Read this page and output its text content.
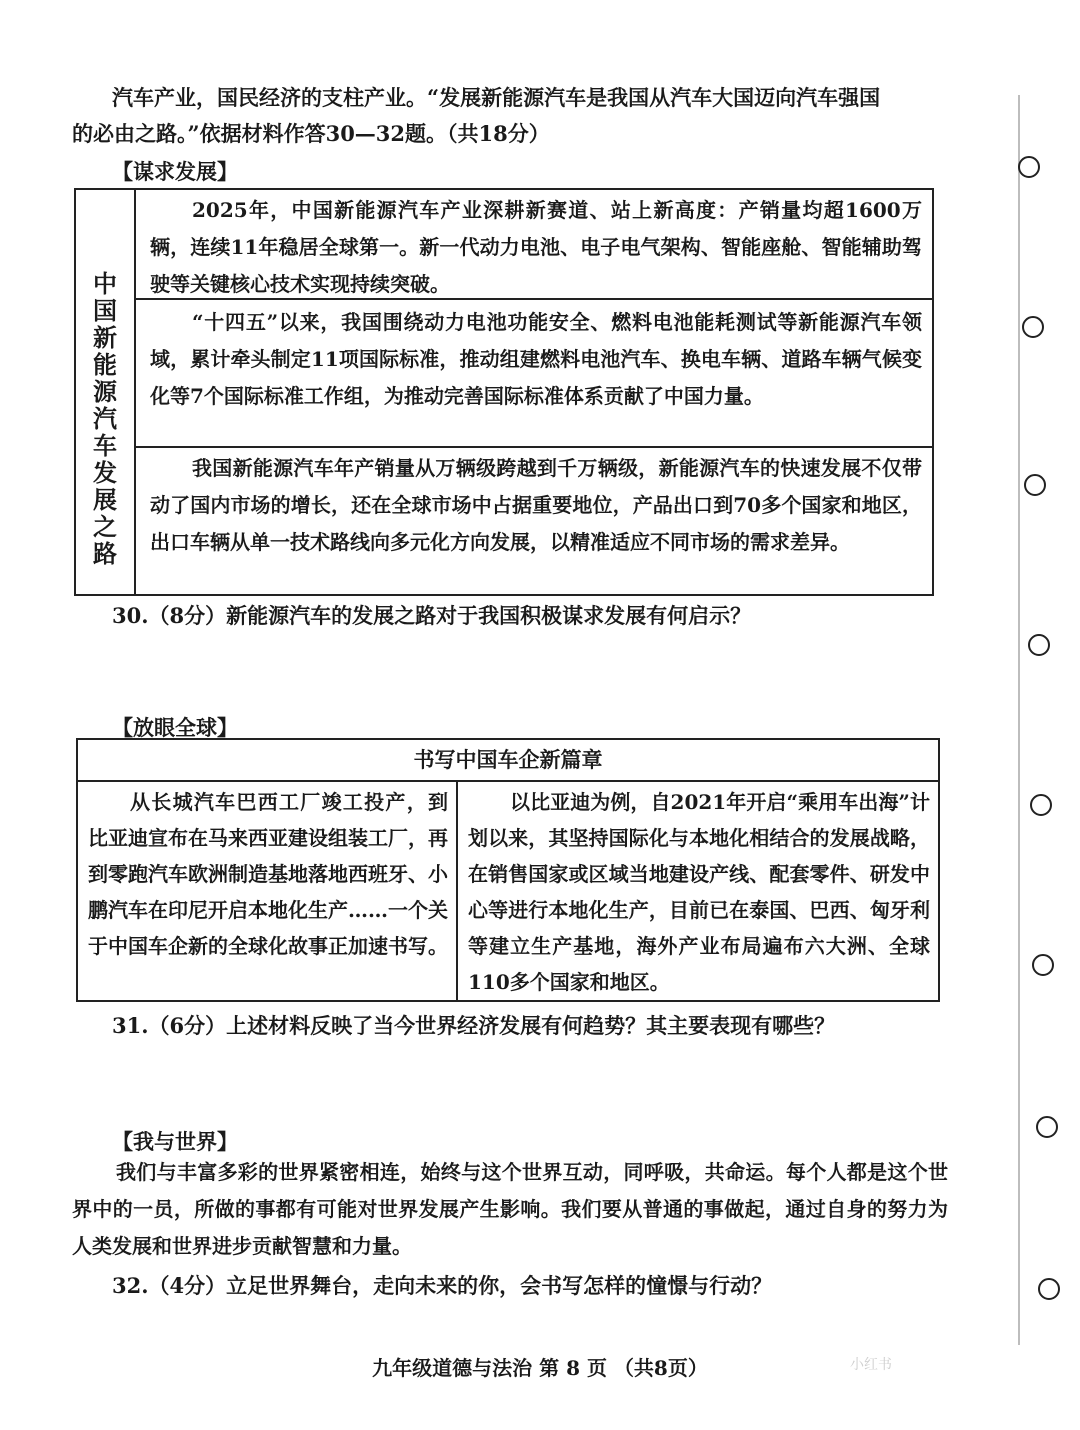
汽车产业，国民经济的支柱产业。“发展新能源汽车是我国从汽车大国迈向汽车强国
的必由之路。”依据材料作答30—32题。（共18分）
【谋求发展】
中国新能源汽车发展之路
2025年，中国新能源汽车产业深耕新赛道、站上新高度：产销量均超1600万辆，连续11年稳居全球第一。新一代动力电池、电子电气架构、智能座舱、智能辅助驾驶等关键核心技术实现持续突破。
“十四五”以来，我国围绕动力电池功能安全、燃料电池能耗测试等新能源汽车领域，累计牵头制定11项国际标准，推动组建燃料电池汽车、换电车辆、道路车辆气候变化等7个国际标准工作组，为推动完善国际标准体系贡献了中国力量。
我国新能源汽车年产销量从万辆级跨越到千万辆级，新能源汽车的快速发展不仅带动了国内市场的增长，还在全球市场中占据重要地位，产品出口到70多个国家和地区，出口车辆从单一技术路线向多元化方向发展，以精准适应不同市场的需求差异。
30.（8分）新能源汽车的发展之路对于我国积极谋求发展有何启示？
【放眼全球】
书写中国车企新篇章
从长城汽车巴西工厂竣工投产，到比亚迪宣布在马来西亚建设组装工厂，再到零跑汽车欧洲制造基地落地西班牙、小鹏汽车在印尼开启本地化生产……一个关于中国车企新的全球化故事正加速书写。
以比亚迪为例，自2021年开启“乘用车出海”计划以来，其坚持国际化与本地化相结合的发展战略，在销售国家或区域当地建设产线、配套零件、研发中心等进行本地化生产，目前已在泰国、巴西、匈牙利等建立生产基地，海外产业布局遍布六大洲、全球110多个国家和地区。
31.（6分）上述材料反映了当今世界经济发展有何趋势？其主要表现有哪些？
【我与世界】
我们与丰富多彩的世界紧密相连，始终与这个世界互动，同呼吸，共命运。每个人都是这个世界中的一员，所做的事都有可能对世界发展产生影响。我们要从普通的事做起，通过自身的努力为人类发展和世界进步贡献智慧和力量。
32.（4分）立足世界舞台，走向未来的你，会书写怎样的憧憬与行动？
九年级道德与法治 第 8 页 （共8页）	小红书
